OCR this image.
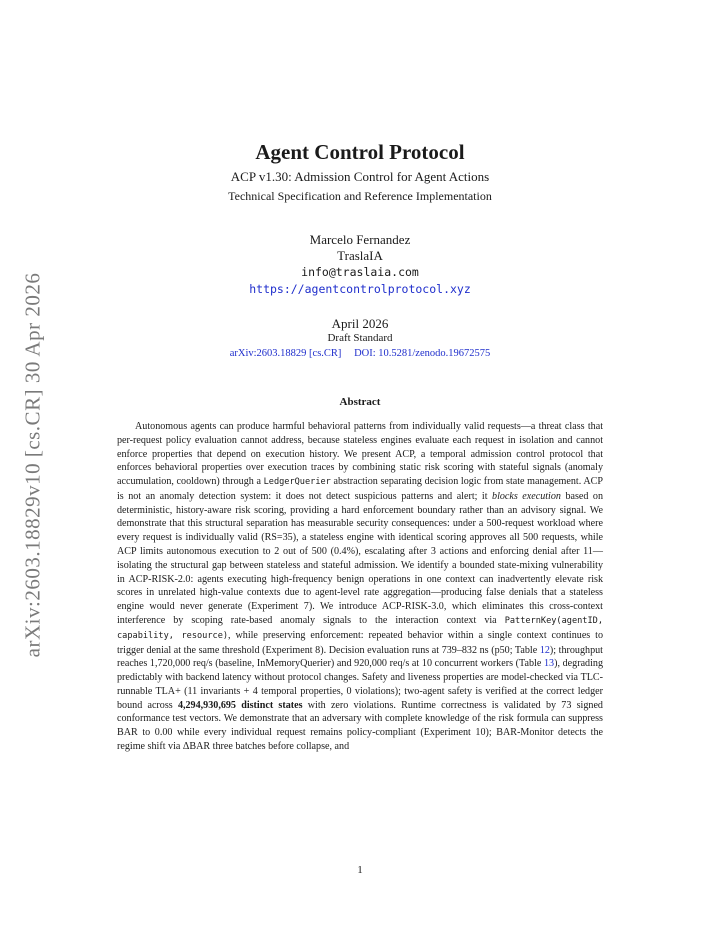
arXiv:2603.18829v10 [cs.CR] 30 Apr 2026
Agent Control Protocol
ACP v1.30: Admission Control for Agent Actions
Technical Specification and Reference Implementation
Marcelo Fernandez
TraslaIA
info@traslaia.com
https://agentcontrolprotocol.xyz
April 2026
Draft Standard
arXiv:2603.18829 [cs.CR] DOI: 10.5281/zenodo.19672575
Abstract

Autonomous agents can produce harmful behavioral patterns from individually valid requests—a threat class that per-request policy evaluation cannot address, because stateless engines evaluate each request in isolation and cannot enforce properties that depend on execution history. We present ACP, a temporal admission control protocol that enforces behavioral properties over execution traces by combining static risk scoring with stateful signals (anomaly accumulation, cooldown) through a LedgerQuerier abstraction separating decision logic from state management. ACP is not an anomaly detection system: it does not detect suspicious patterns and alert; it blocks execution based on deterministic, history-aware risk scoring, providing a hard enforcement boundary rather than an advisory signal. We demonstrate that this structural separation has measurable security consequences: under a 500-request workload where every request is individually valid (RS=35), a stateless engine with identical scoring approves all 500 requests, while ACP limits autonomous execution to 2 out of 500 (0.4%), escalating after 3 actions and enforcing denial after 11—isolating the structural gap between stateless and stateful admission. We identify a bounded state-mixing vulnerability in ACP-RISK-2.0: agents executing high-frequency benign operations in one context can inadvertently elevate risk scores in unrelated high-value contexts due to agent-level rate aggregation—producing false denials that a stateless engine would never generate (Experiment 7). We introduce ACP-RISK-3.0, which eliminates this cross-context interference by scoping rate-based anomaly signals to the interaction context via PatternKey(agentID, capability, resource), while preserving enforcement: repeated behavior within a single context continues to trigger denial at the same threshold (Experiment 8). Decision evaluation runs at 739–832 ns (p50; Table 12); throughput reaches 1,720,000 req/s (baseline, InMemoryQuerier) and 920,000 req/s at 10 concurrent workers (Table 13), degrading predictably with backend latency without protocol changes. Safety and liveness properties are model-checked via TLC-runnable TLA+ (11 invariants + 4 temporal properties, 0 violations); two-agent safety is verified at the correct ledger bound across 4,294,930,695 distinct states with zero violations. Runtime correctness is validated by 73 signed conformance test vectors. We demonstrate that an adversary with complete knowledge of the risk formula can suppress BAR to 0.00 while every individual request remains policy-compliant (Experiment 10); BAR-Monitor detects the regime shift via ΔBAR three batches before collapse, and

1
